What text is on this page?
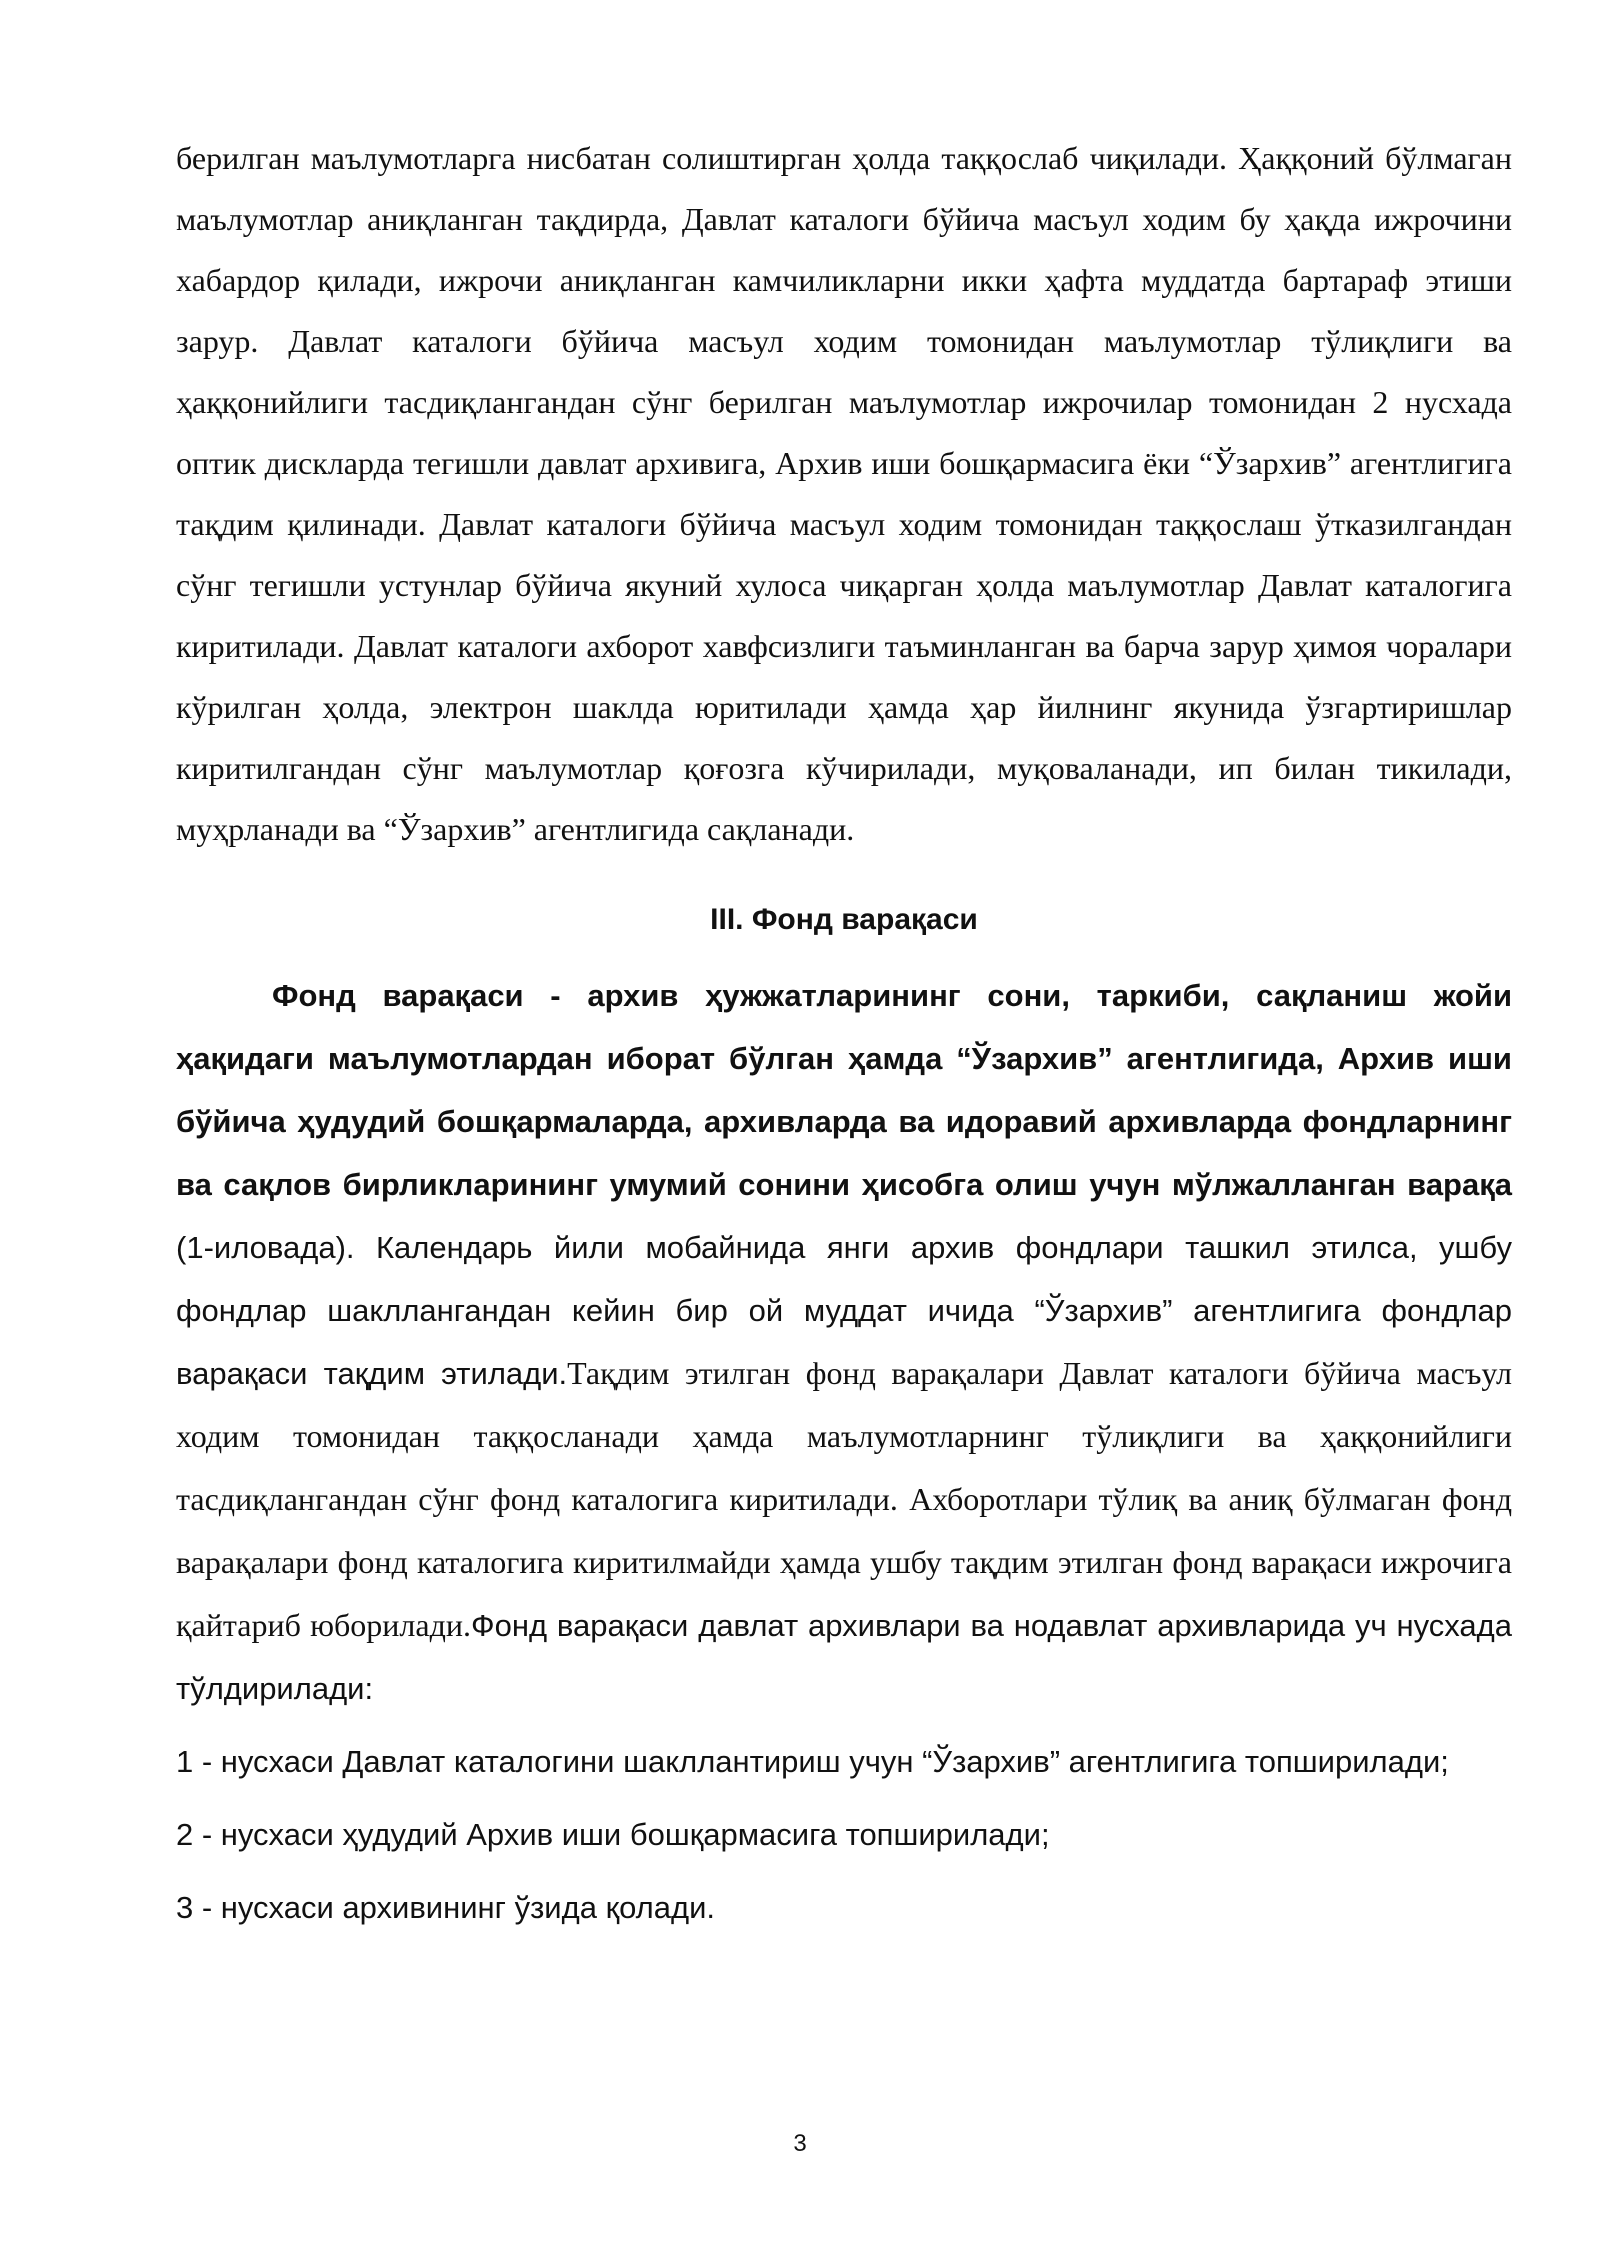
берилган маълумотларга нисбатан солиштирган ҳолда таққослаб чиқилади. Ҳаққоний бўлмаган маълумотлар аниқланган тақдирда, Давлат каталоги бўйича масъул ходим бу ҳақда ижрочини хабардор қилади, ижрочи аниқланган камчиликларни икки ҳафта муддатда бартараф этиши зарур. Давлат каталоги бўйича масъул ходим томонидан маълумотлар тўлиқлиги ва ҳаққонийлиги тасдиқлангандан сўнг берилган маълумотлар ижрочилар томонидан 2 нусхада оптик дискларда тегишли давлат архивига, Архив иши бошқармасига ёки “Ўзархив” агентлигига тақдим қилинади. Давлат каталоги бўйича масъул ходим томонидан таққослаш ўтказилгандан сўнг тегишли устунлар бўйича якуний хулоса чиқарган ҳолда маълумотлар Давлат каталогига киритилади. Давлат каталоги ахборот хавфсизлиги таъминланган ва барча зарур ҳимоя чоралари кўрилган ҳолда, электрон шаклда юритилади ҳамда ҳар йилнинг якунида ўзгартиришлар киритилгандан сўнг маълумотлар қоғозга кўчирилади, муқоваланади, ип билан тикилади, муҳрланади ва “Ўзархив” агентлигида сақланади.

III. Фонд варақаси

Фонд варақаси - архив ҳужжатларининг сони, таркиби, сақланиш жойи ҳақидаги маълумотлардан иборат бўлган ҳамда “Ўзархив” агентлигида, Архив иши бўйича ҳудудий бошқармаларда, архивларда ва идоравий архивларда фондларнинг ва сақлов бирликларининг умумий сонини ҳисобга олиш учун мўлжалланган варақа (1-иловада). Календарь йили мобайнида янги архив фондлари ташкил этилса, ушбу фондлар шакллангандан кейин бир ой муддат ичида “Ўзархив” агентлигига фондлар варақаси тақдим этилади.Тақдим этилган фонд варақалари Давлат каталоги бўйича масъул ходим томонидан таққосланади ҳамда маълумотларнинг тўлиқлиги ва ҳаққонийлиги тасдиқлангандан сўнг фонд каталогига киритилади. Ахборотлари тўлиқ ва аниқ бўлмаган фонд варақалари фонд каталогига киритилмайди ҳамда ушбу тақдим этилган фонд варақаси ижрочига қайтариб юборилади.Фонд варақаси давлат архивлари ва нодавлат архивларида уч нусхада тўлдирилади:

1 - нусхаси Давлат каталогини шакллантириш учун “Ўзархив” агентлигига топширилади;

2 - нусхаси ҳудудий Архив иши бошқармасига топширилади;

3 - нусхаси архивининг ўзида қолади.

3
